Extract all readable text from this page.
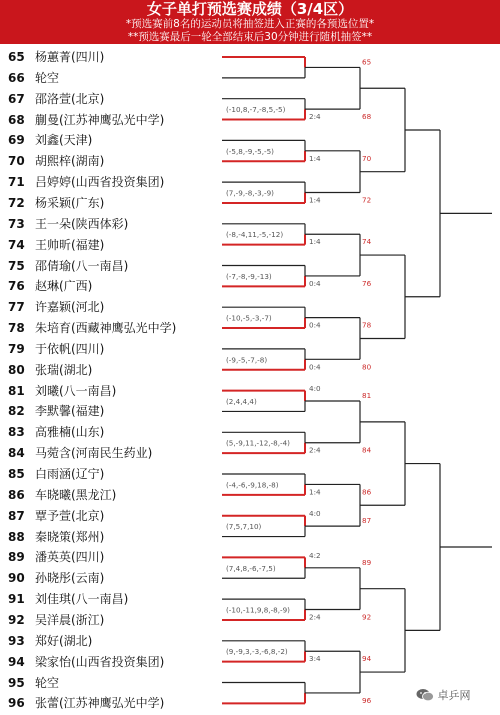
女子单打预选赛成绩（3/4区）
*预选赛前8名的运动员将抽签进入正赛的各预选位置*
**预选赛最后一轮全部结束后30分钟进行随机抽签**
65 杨蕙菁(四川)
66 轮空
67 邵洛萱(北京)
68 蒯曼(江苏神鹰弘光中学)
69 刘鑫(天津)
70 胡熙梓(湖南)
71 吕婷婷(山西省投资集团)
72 杨采颖(广东)
73 王一朵(陕西体彩)
74 王帅昕(福建)
75 邵倩瑜(八一南昌)
76 赵琳(广西)
77 许嘉颖(河北)
78 朱培育(西藏神鹰弘光中学)
79 于依帆(四川)
80 张瑞(湖北)
81 刘曦(八一南昌)
82 李默馨(福建)
83 高雅楠(山东)
84 马菀含(河南民生药业)
85 白雨涵(辽宁)
86 车晓曦(黑龙江)
87 覃予萱(北京)
88 秦晓策(郑州)
89 潘英英(四川)
90 孙晓彤(云南)
91 刘佳琪(八一南昌)
92 吴洋晨(浙江)
93 郑好(湖北)
94 梁家怡(山西省投资集团)
95 轮空
96 张蕾(江苏神鹰弘光中学)
65
(-10,8,-7,-8,5,-5)
2:4	68
(-5,8,-9,-5,-5)
1:4	70
(7,-9,-8,-3,-9)
1:4	72
(-8,-4,11,-5,-12)
1:4	74
(-7,-8,-9,-13)
0:4	76
(-10,-5,-3,-7)
0:4	78
(-9,-5,-7,-8)
0:4	80
(2,4,4,4)
4:0
81
(5,-9,11,-12,-8,-4)
2:4	84
(-4,-6,-9,18,-8)
1:4	86
(7,5,7,10)
4:0
87
(7,4,8,-6,-7,5)
4:2
89
(-10,-11,9,8,-8,-9)
2:4	92
(9,-9,3,-3,-6,8,-2)
3:4	94
96	卓乒网
